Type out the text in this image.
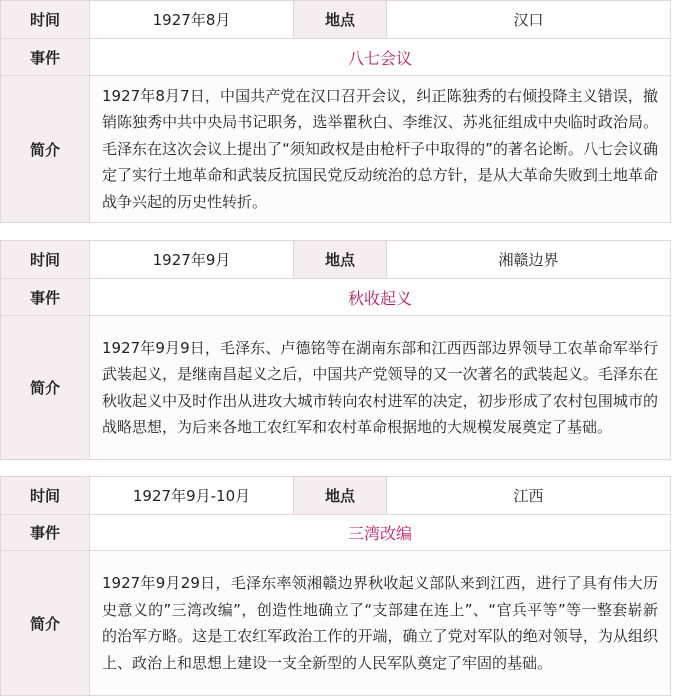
时间	1927年8月	地点	汉口
事件	八七会议		
简介	1927年8月7日，中国共产党在汉口召开会议，纠正陈独秀的右倾投降主义错误，撤销陈独秀中共中央局书记职务，选举瞿秋白、李维汉、苏兆征组成中央临时政治局。毛泽东在这次会议上提出了“须知政权是由枪杆子中取得的”的著名论断。八七会议确定了实行土地革命和武装反抗国民党反动统治的总方针，是从大革命失败到土地革命战争兴起的历史性转折。		
时间	1927年9月	地点	湘赣边界
事件	秋收起义		
简介	1927年9月9日，毛泽东、卢德铭等在湖南东部和江西西部边界领导工农革命军举行武装起义，是继南昌起义之后，中国共产党领导的又一次著名的武装起义。毛泽东在秋收起义中及时作出从进攻大城市转向农村进军的决定，初步形成了农村包围城市的战略思想，为后来各地工农红军和农村革命根据地的大规模发展奠定了基础。		
时间	1927年9月-10月	地点	江西
事件	三湾改编		
简介	1927年9月29日，毛泽东率领湘赣边界秋收起义部队来到江西，进行了具有伟大历史意义的”三湾改编”，创造性地确立了“支部建在连上”、“官兵平等”等一整套崭新的治军方略。这是工农红军政治工作的开端，确立了党对军队的绝对领导，为从组织上、政治上和思想上建设一支全新型的人民军队奠定了牢固的基础。		
